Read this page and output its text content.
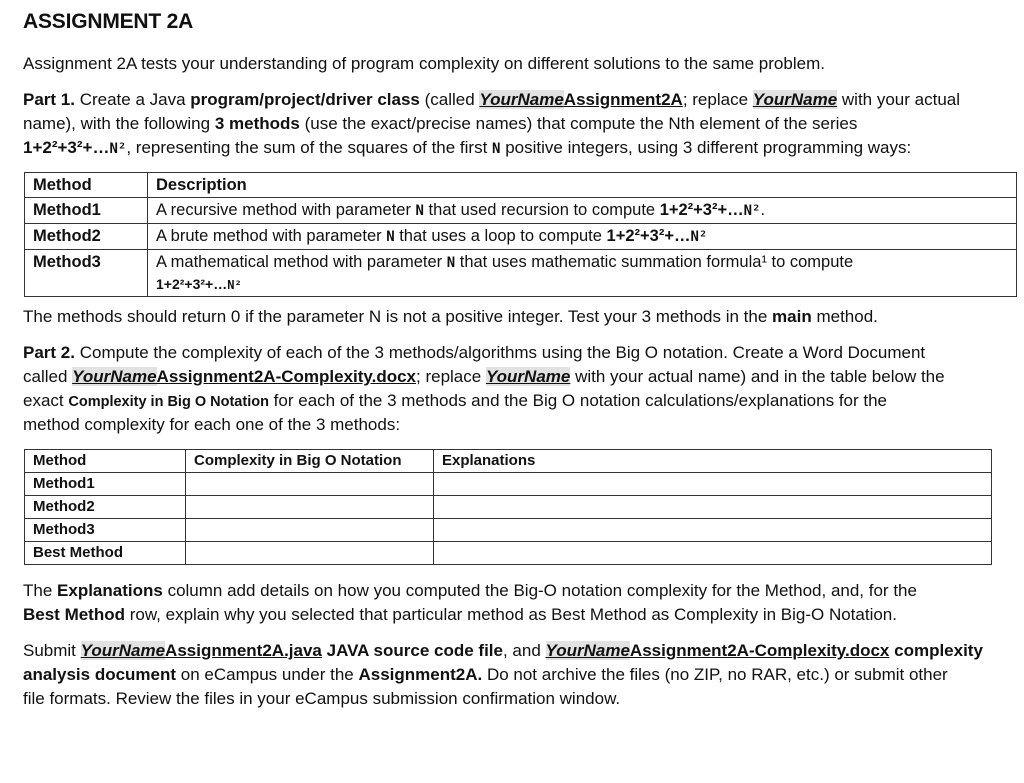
ASSIGNMENT 2A
Assignment 2A tests your understanding of program complexity on different solutions to the same problem.
Part 1. Create a Java program/project/driver class (called YourNameAssignment2A; replace YourName with your actual
name), with the following 3 methods (use the exact/precise names) that compute the Nth element of the series
1+2²+3²+…N², representing the sum of the squares of the first N positive integers, using 3 different programming ways:
Method	Description
Method1	A recursive method with parameter N that used recursion to compute 1+2²+3²+…N².
Method2	A brute method with parameter N that uses a loop to compute 1+2²+3²+…N²
Method3	A mathematical method with parameter N that uses mathematic summation formula¹ to compute
1+2²+3²+…N²
The methods should return 0 if the parameter N is not a positive integer. Test your 3 methods in the main method.
Part 2. Compute the complexity of each of the 3 methods/algorithms using the Big O notation. Create a Word Document
called YourNameAssignment2A-Complexity.docx; replace YourName with your actual name) and in the table below the
exact Complexity in Big O Notation for each of the 3 methods and the Big O notation calculations/explanations for the
method complexity for each one of the 3 methods:
Method	Complexity in Big O Notation	Explanations
Method1		
Method2		
Method3		
Best Method		
The Explanations column add details on how you computed the Big-O notation complexity for the Method, and, for the
Best Method row, explain why you selected that particular method as Best Method as Complexity in Big-O Notation.
Submit YourNameAssignment2A.java JAVA source code file, and YourNameAssignment2A-Complexity.docx complexity
analysis document on eCampus under the Assignment2A. Do not archive the files (no ZIP, no RAR, etc.) or submit other
file formats. Review the files in your eCampus submission confirmation window.
